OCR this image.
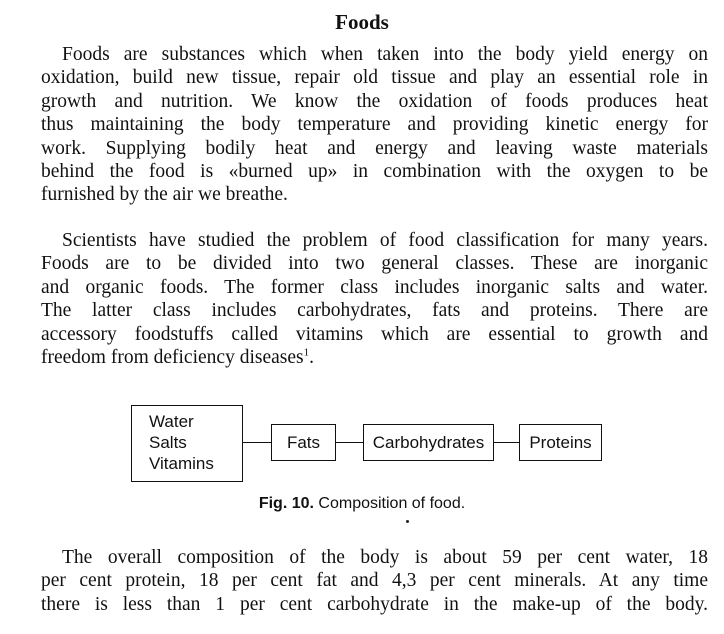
Foods
Foods are substances which when taken into the body yield energy on
oxidation, build new tissue, repair old tissue and play an essential role in
growth and nutrition. We know the oxidation of foods produces heat
thus maintaining the body temperature and providing kinetic energy for
work. Supplying bodily heat and energy and leaving waste materials
behind the food is «burned up» in combination with the oxygen to be
furnished by the air we breathe.
Scientists have studied the problem of food classification for many years.
Foods are to be divided into two general classes. These are inorganic
and organic foods. The former class includes inorganic salts and water.
The latter class includes carbohydrates, fats and proteins. There are
accessory foodstuffs called vitamins which are essential to growth and
freedom from deficiency diseases$^1$.
Water
Salts
Vitamins
Fats	Carbohydrates	Proteins
Fig. 10. Composition of food.
The overall composition of the body is about 59 per cent water, 18
per cent protein, 18 per cent fat and 4,3 per cent minerals. At any time
there is less than 1 per cent carbohydrate in the make-up of the body.
